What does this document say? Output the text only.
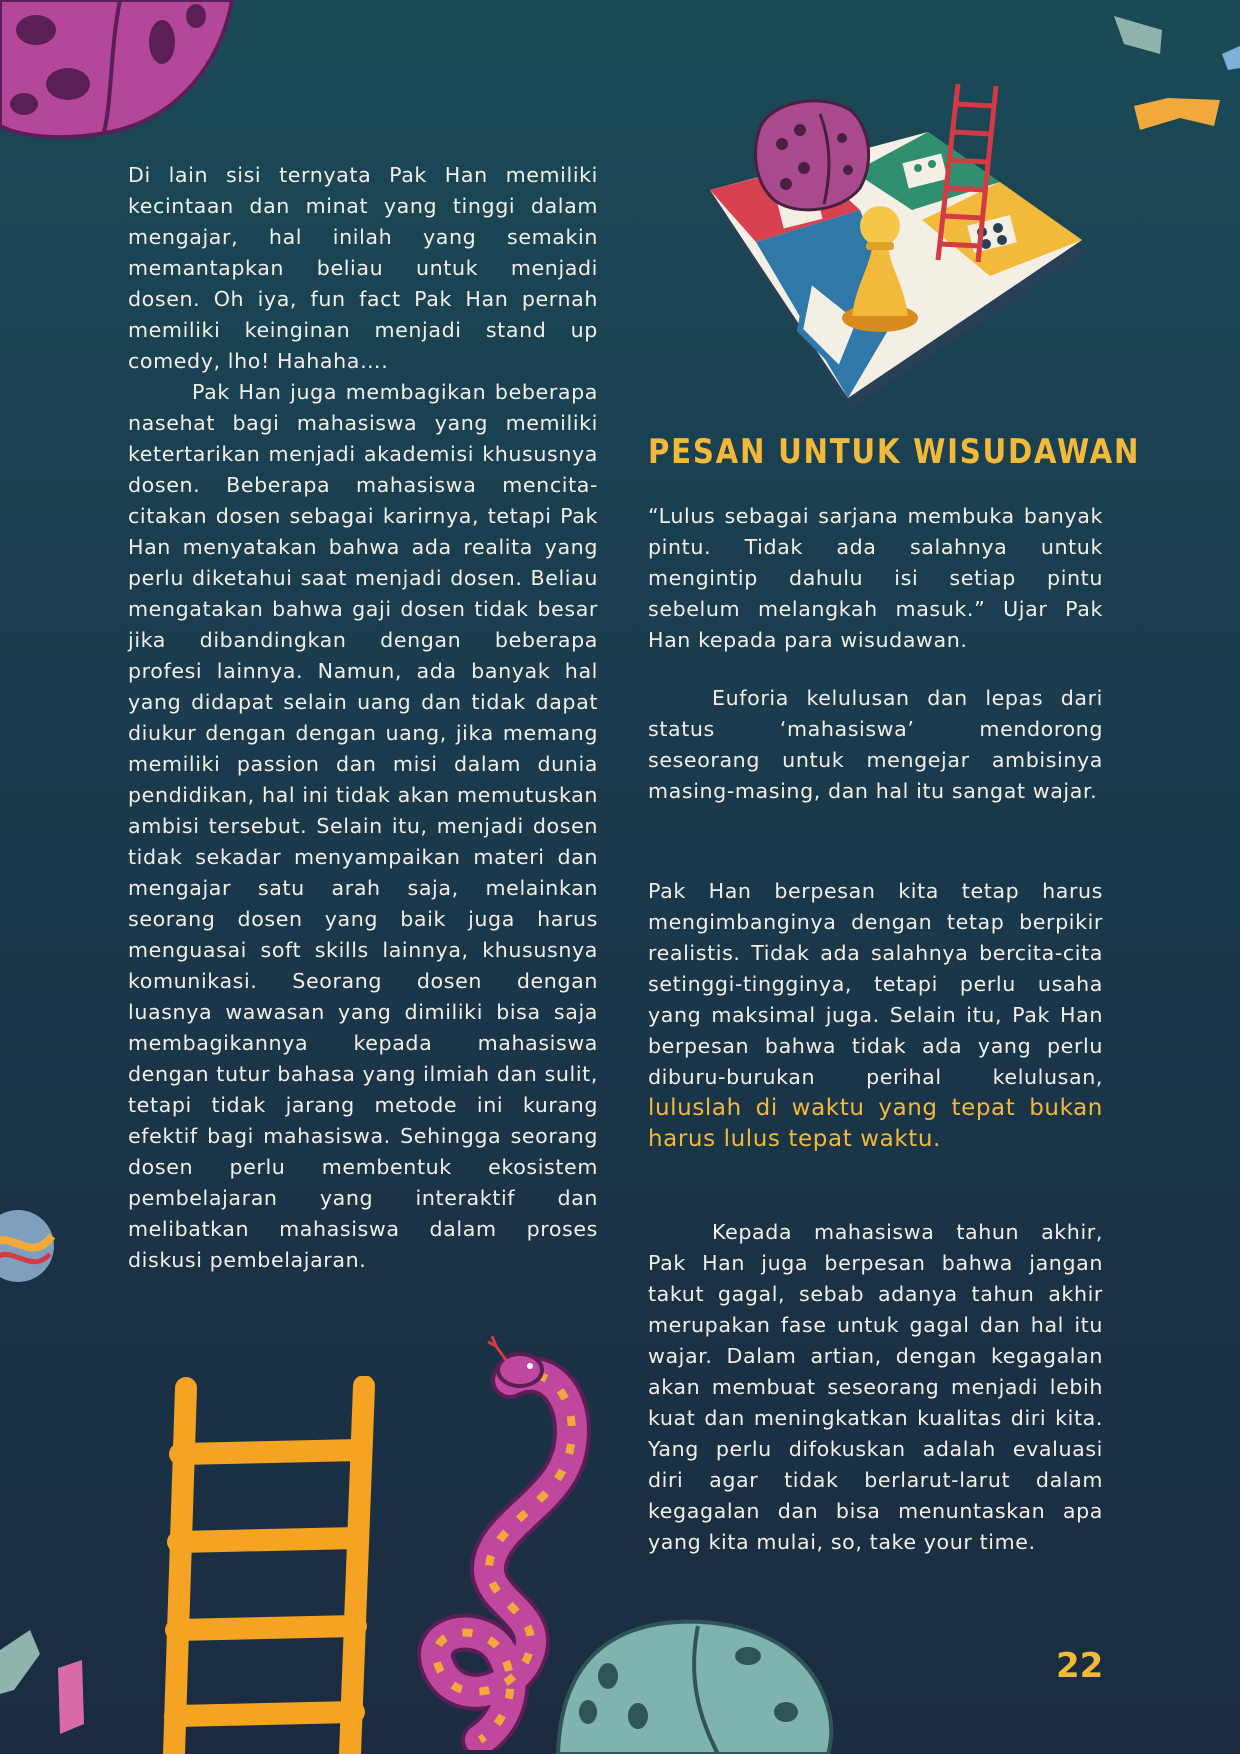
Di lain sisi ternyata Pak Han memiliki kecintaan dan minat yang tinggi dalam mengajar, hal inilah yang semakin memantapkan beliau untuk menjadi dosen. Oh iya, fun fact Pak Han pernah memiliki keinginan menjadi stand up comedy, lho! Hahaha….

Pak Han juga membagikan beberapa nasehat bagi mahasiswa yang memiliki ketertarikan menjadi akademisi khususnya dosen. Beberapa mahasiswa mencita-citakan dosen sebagai karirnya, tetapi Pak Han menyatakan bahwa ada realita yang perlu diketahui saat menjadi dosen. Beliau mengatakan bahwa gaji dosen tidak besar jika dibandingkan dengan beberapa profesi lainnya. Namun, ada banyak hal yang didapat selain uang dan tidak dapat diukur dengan dengan uang, jika memang memiliki passion dan misi dalam dunia pendidikan, hal ini tidak akan memutuskan ambisi tersebut. Selain itu, menjadi dosen tidak sekadar menyampaikan materi dan mengajar satu arah saja, melainkan seorang dosen yang baik juga harus menguasai soft skills lainnya, khususnya komunikasi. Seorang dosen dengan luasnya wawasan yang dimiliki bisa saja membagikannya kepada mahasiswa dengan tutur bahasa yang ilmiah dan sulit, tetapi tidak jarang metode ini kurang efektif bagi mahasiswa. Sehingga seorang dosen perlu membentuk ekosistem pembelajaran yang interaktif dan melibatkan mahasiswa dalam proses diskusi pembelajaran.

PESAN UNTUK WISUDAWAN

“Lulus sebagai sarjana membuka banyak pintu. Tidak ada salahnya untuk mengintip dahulu isi setiap pintu sebelum melangkah masuk.” Ujar Pak Han kepada para wisudawan.

Euforia kelulusan dan lepas dari status ‘mahasiswa’ mendorong seseorang untuk mengejar ambisinya masing-masing, dan hal itu sangat wajar.

Pak Han berpesan kita tetap harus mengimbanginya dengan tetap berpikir realistis. Tidak ada salahnya bercita-cita setinggi-tingginya, tetapi perlu usaha yang maksimal juga. Selain itu, Pak Han berpesan bahwa tidak ada yang perlu diburu-burukan perihal kelulusan, luluslah di waktu yang tepat bukan harus lulus tepat waktu.

Kepada mahasiswa tahun akhir, Pak Han juga berpesan bahwa jangan takut gagal, sebab adanya tahun akhir merupakan fase untuk gagal dan hal itu wajar. Dalam artian, dengan kegagalan akan membuat seseorang menjadi lebih kuat dan meningkatkan kualitas diri kita. Yang perlu difokuskan adalah evaluasi diri agar tidak berlarut-larut dalam kegagalan dan bisa menuntaskan apa yang kita mulai, so, take your time.

22
